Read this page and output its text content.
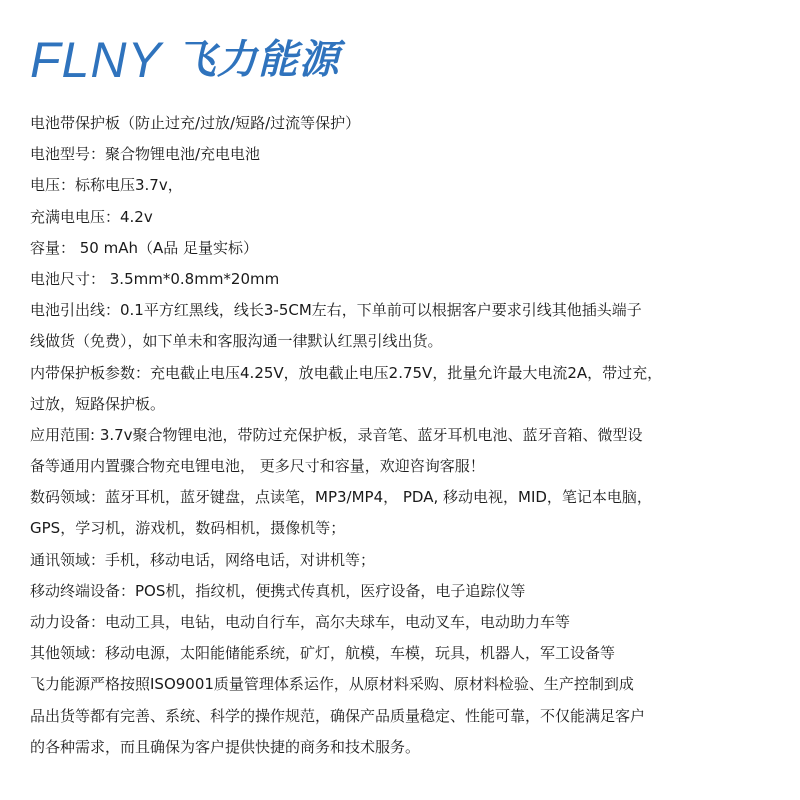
FLNY 飞力能源
电池带保护板（防止过充/过放/短路/过流等保护）
电池型号：聚合物锂电池/充电电池
电压：标称电压3.7v，
充满电电压：4.2v
容量： 50 mAh（A品 足量实标）
电池尺寸： 3.5mm*0.8mm*20mm
电池引出线：0.1平方红黑线，线长3-5CM左右，下单前可以根据客户要求引线其他插头端子
线做货（免费），如下单未和客服沟通一律默认红黑引线出货。
内带保护板参数：充电截止电压4.25V，放电截止电压2.75V，批量允许最大电流2A，带过充，
过放，短路保护板。
应用范围: 3.7v聚合物锂电池，带防过充保护板，录音笔、蓝牙耳机电池、蓝牙音箱、微型设
备等通用内置骤合物充电锂电池， 更多尺寸和容量，欢迎咨询客服！
数码领域：蓝牙耳机，蓝牙键盘，点读笔，MP3/MP4， PDA, 移动电视，MID，笔记本电脑，
GPS，学习机，游戏机，数码相机，摄像机等；
通讯领域：手机，移动电话，网络电话，对讲机等；
移动终端设备：POS机，指纹机，便携式传真机，医疗设备，电子追踪仪等
动力设备：电动工具，电钻，电动自行车，高尔夫球车，电动叉车，电动助力车等
其他领域：移动电源，太阳能储能系统，矿灯，航模，车模，玩具，机器人，军工设备等
飞力能源严格按照ISO9001质量管理体系运作，从原材料采购、原材料检验、生产控制到成
品出货等都有完善、系统、科学的操作规范，确保产品质量稳定、性能可靠，不仅能满足客户
的各种需求，而且确保为客户提供快捷的商务和技术服务。
